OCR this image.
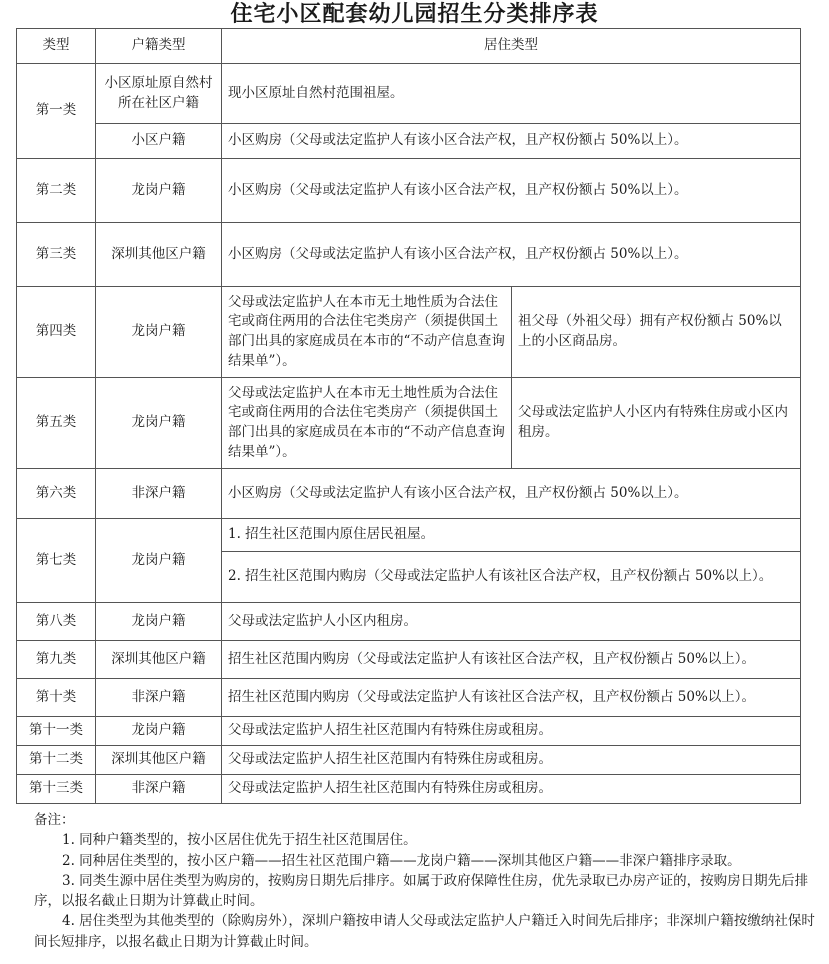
住宅小区配套幼儿园招生分类排序表
类型	户籍类型	居住类型	
第一类	小区原址原自然村所在社区户籍	现小区原址自然村范围祖屋。	
	小区户籍	小区购房（父母或法定监护人有该小区合法产权，且产权份额占 50%以上）。	
第二类	龙岗户籍	小区购房（父母或法定监护人有该小区合法产权，且产权份额占 50%以上）。	
第三类	深圳其他区户籍	小区购房（父母或法定监护人有该小区合法产权，且产权份额占 50%以上）。	
第四类	龙岗户籍	父母或法定监护人在本市无土地性质为合法住宅或商住两用的合法住宅类房产（须提供国土部门出具的家庭成员在本市的“不动产信息查询结果单”）。	祖父母（外祖父母）拥有产权份额占 50%以上的小区商品房。
第五类	龙岗户籍	父母或法定监护人在本市无土地性质为合法住宅或商住两用的合法住宅类房产（须提供国土部门出具的家庭成员在本市的“不动产信息查询结果单”）。	父母或法定监护人小区内有特殊住房或小区内租房。
第六类	非深户籍	小区购房（父母或法定监护人有该小区合法产权，且产权份额占 50%以上）。	
第七类	龙岗户籍	1. 招生社区范围内原住居民祖屋。	
		2. 招生社区范围内购房（父母或法定监护人有该社区合法产权，且产权份额占 50%以上）。	
第八类	龙岗户籍	父母或法定监护人小区内租房。	
第九类	深圳其他区户籍	招生社区范围内购房（父母或法定监护人有该社区合法产权，且产权份额占 50%以上）。	
第十类	非深户籍	招生社区范围内购房（父母或法定监护人有该社区合法产权，且产权份额占 50%以上）。	
第十一类	龙岗户籍	父母或法定监护人招生社区范围内有特殊住房或租房。	
第十二类	深圳其他区户籍	父母或法定监护人招生社区范围内有特殊住房或租房。	
第十三类	非深户籍	父母或法定监护人招生社区范围内有特殊住房或租房。	
备注：

1. 同种户籍类型的，按小区居住优先于招生社区范围居住。

2. 同种居住类型的，按小区户籍——招生社区范围户籍——龙岗户籍——深圳其他区户籍——非深户籍排序录取。

3. 同类生源中居住类型为购房的，按购房日期先后排序。如属于政府保障性住房，优先录取已办房产证的，按购房日期先后排序，以报名截止日期为计算截止时间。

4. 居住类型为其他类型的（除购房外），深圳户籍按申请人父母或法定监护人户籍迁入时间先后排序；非深圳户籍按缴纳社保时间长短排序，以报名截止日期为计算截止时间。
